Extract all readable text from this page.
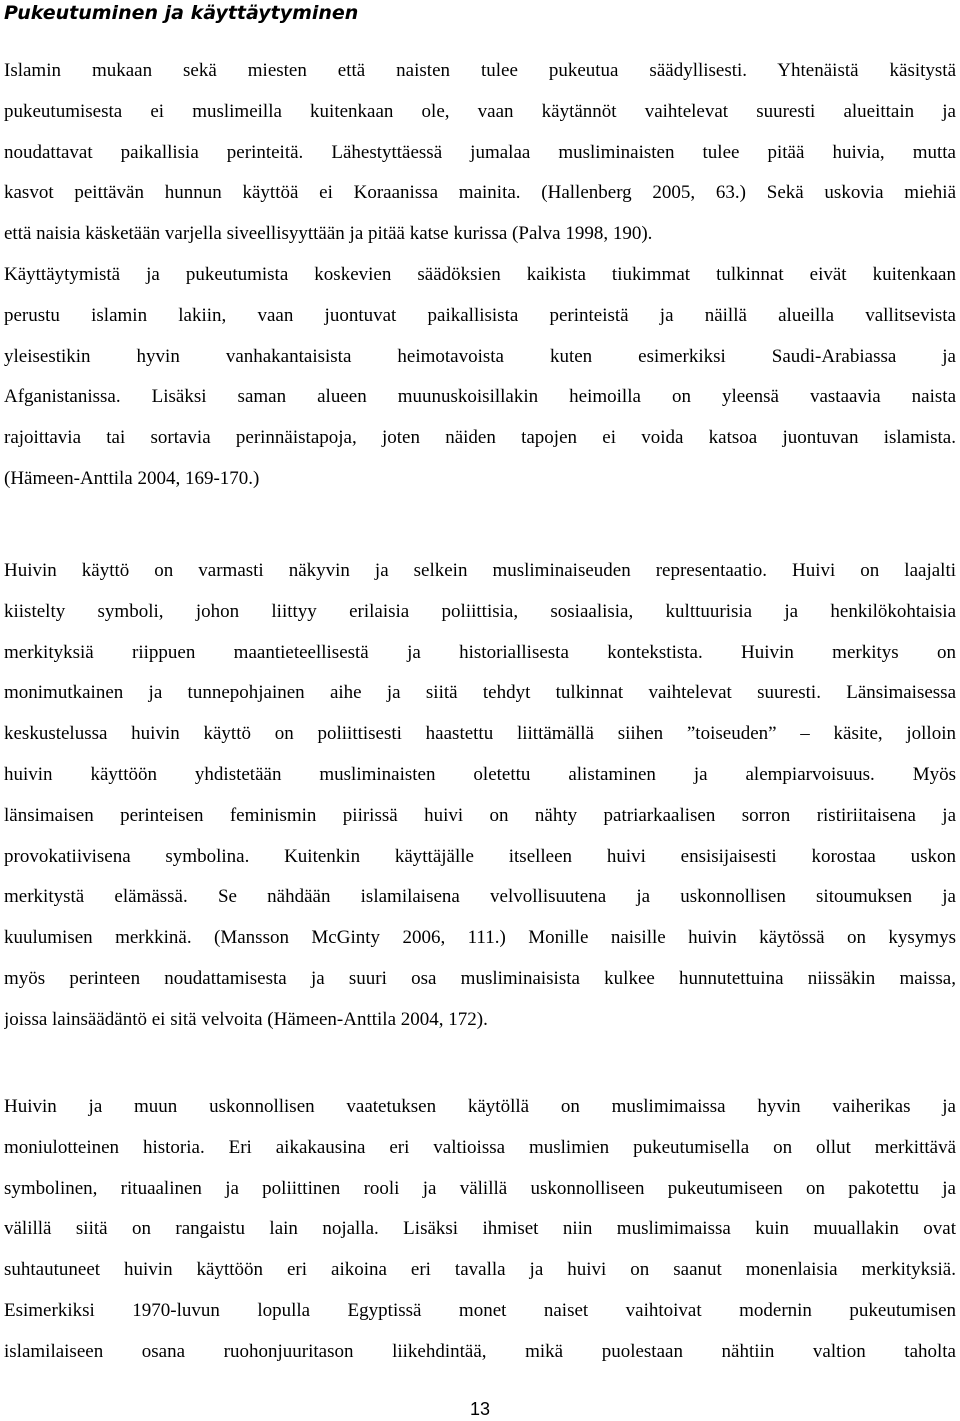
Pukeutuminen ja käyttäytyminen
Islamin mukaan sekä miesten että naisten tulee pukeutua säädyllisesti. Yhtenäistä käsitystä
pukeutumisesta ei muslimeilla kuitenkaan ole, vaan käytännöt vaihtelevat suuresti alueittain ja
noudattavat paikallisia perinteitä. Lähestyttäessä jumalaa musliminaisten tulee pitää huivia, mutta
kasvot peittävän hunnun käyttöä ei Koraanissa mainita. (Hallenberg 2005, 63.) Sekä uskovia miehiä
että naisia käsketään varjella siveellisyyttään ja pitää katse kurissa (Palva 1998, 190).
Käyttäytymistä ja pukeutumista koskevien säädöksien kaikista tiukimmat tulkinnat eivät kuitenkaan
perustu islamin lakiin, vaan juontuvat paikallisista perinteistä ja näillä alueilla vallitsevista
yleisestikin hyvin vanhakantaisista heimotavoista kuten esimerkiksi Saudi-Arabiassa ja
Afganistanissa. Lisäksi saman alueen muunuskoisillakin heimoilla on yleensä vastaavia naista
rajoittavia tai sortavia perinnäistapoja, joten näiden tapojen ei voida katsoa juontuvan islamista.
(Hämeen-Anttila 2004, 169-170.)
Huivin käyttö on varmasti näkyvin ja selkein musliminaiseuden representaatio. Huivi on laajalti
kiistelty symboli, johon liittyy erilaisia poliittisia, sosiaalisia, kulttuurisia ja henkilökohtaisia
merkityksiä riippuen maantieteellisestä ja historiallisesta kontekstista. Huivin merkitys on
monimutkainen ja tunnepohjainen aihe ja siitä tehdyt tulkinnat vaihtelevat suuresti. Länsimaisessa
keskustelussa huivin käyttö on poliittisesti haastettu liittämällä siihen ”toiseuden” – käsite, jolloin
huivin käyttöön yhdistetään musliminaisten oletettu alistaminen ja alempiarvoisuus. Myös
länsimaisen perinteisen feminismin piirissä huivi on nähty patriarkaalisen sorron ristiriitaisena ja
provokatiivisena symbolina. Kuitenkin käyttäjälle itselleen huivi ensisijaisesti korostaa uskon
merkitystä elämässä. Se nähdään islamilaisena velvollisuutena ja uskonnollisen sitoumuksen ja
kuulumisen merkkinä. (Mansson McGinty 2006, 111.) Monille naisille huivin käytössä on kysymys
myös perinteen noudattamisesta ja suuri osa musliminaisista kulkee hunnutettuina niissäkin maissa,
joissa lainsäädäntö ei sitä velvoita (Hämeen-Anttila 2004, 172).
Huivin ja muun uskonnollisen vaatetuksen käytöllä on muslimimaissa hyvin vaiherikas ja
moniulotteinen historia. Eri aikakausina eri valtioissa muslimien pukeutumisella on ollut merkittävä
symbolinen, rituaalinen ja poliittinen rooli ja välillä uskonnolliseen pukeutumiseen on pakotettu ja
välillä siitä on rangaistu lain nojalla. Lisäksi ihmiset niin muslimimaissa kuin muuallakin ovat
suhtautuneet huivin käyttöön eri aikoina eri tavalla ja huivi on saanut monenlaisia merkityksiä.
Esimerkiksi 1970-luvun lopulla Egyptissä monet naiset vaihtoivat modernin pukeutumisen
islamilaiseen osana ruohonjuuritason liikehdintää, mikä puolestaan nähtiin valtion taholta
13
